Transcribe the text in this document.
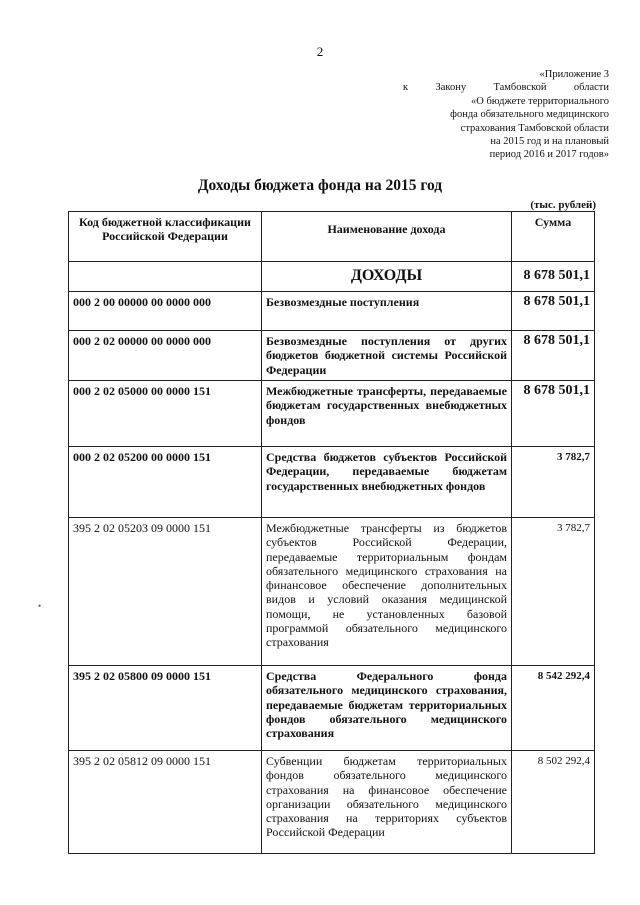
2
«Приложение 3
к Закону Тамбовской области
«О бюджете территориального
фонда обязательного медицинского
страхования Тамбовской области
на 2015 год и на плановый
период 2016 и 2017 годов»
Доходы бюджета фонда на 2015 год
(тыс. рублей)
Код бюджетной классификации Российской Федерации	Наименование дохода	Сумма
	ДОХОДЫ	8 678 501,1
000 2 00 00000 00 0000 000	Безвозмездные поступления	8 678 501,1
000 2 02 00000 00 0000 000	Безвозмездные поступления от других бюджетов бюджетной системы Российской Федерации	8 678 501,1
000 2 02 05000 00 0000 151	Межбюджетные трансферты, передаваемые бюджетам государственных внебюджетных фондов	8 678 501,1
000 2 02 05200 00 0000 151	Средства бюджетов субъектов Российской Федерации, передаваемые бюджетам государственных внебюджетных фондов	3 782,7
395 2 02 05203 09 0000 151	Межбюджетные трансферты из бюджетов субъектов Российской Федерации, передаваемые территориальным фондам обязательного медицинского страхования на финансовое обеспечение дополнительных видов и условий оказания медицинской помощи, не установленных базовой программой обязательного медицинского страхования	3 782,7
395 2 02 05800 09 0000 151	Средства Федерального фонда обязательного медицинского страхования, передаваемые бюджетам территориальных фондов обязательного медицинского страхования	8 542 292,4
395 2 02 05812 09 0000 151	Субвенции бюджетам территориальных фондов обязательного медицинского страхования на финансовое обеспечение организации обязательного медицинского страхования на территориях субъектов Российской Федерации	8 502 292,4
•
